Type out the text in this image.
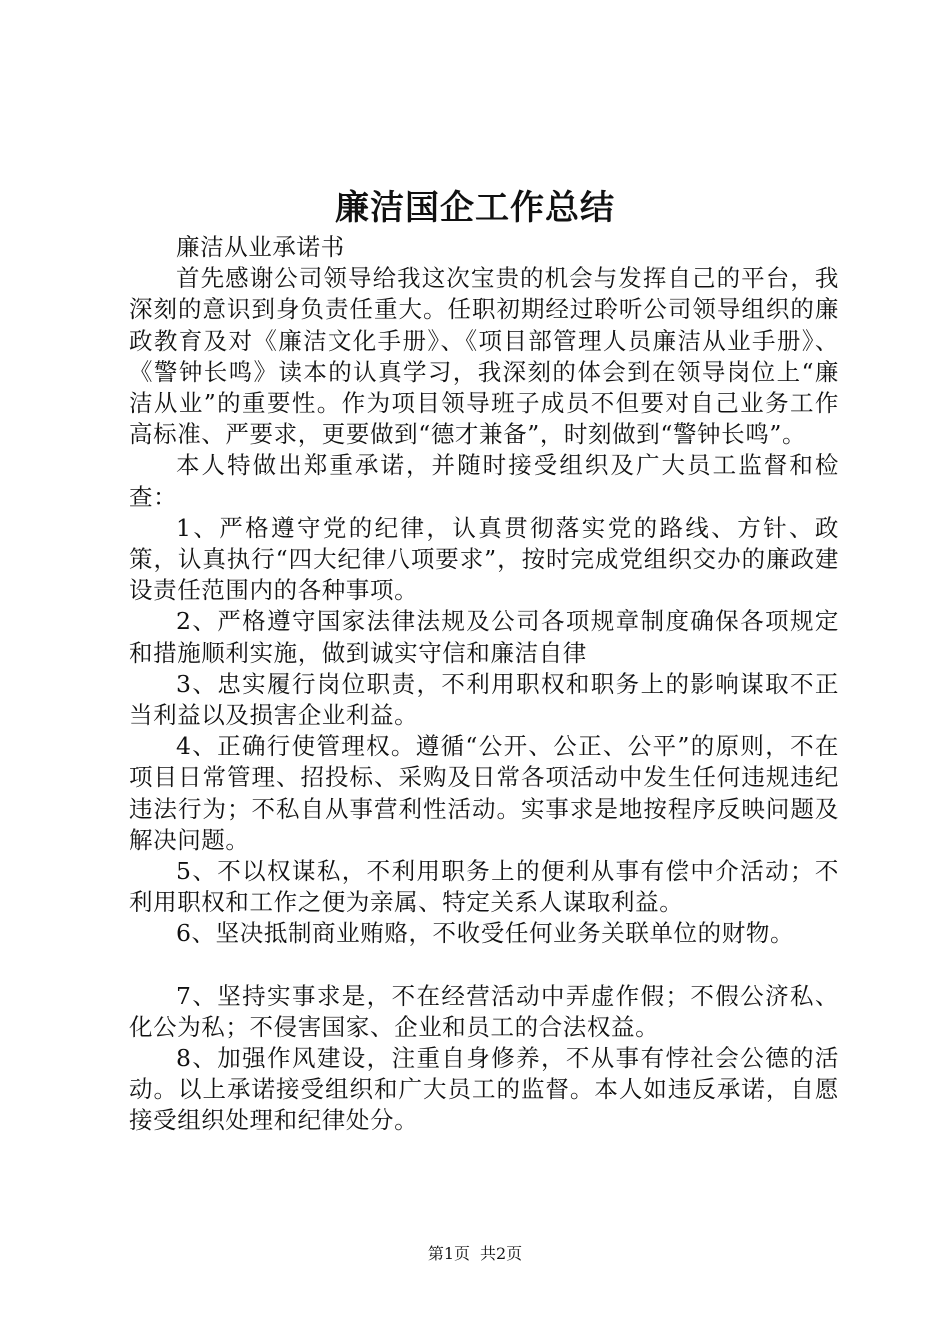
廉洁国企工作总结

廉洁从业承诺书

首先感谢公司领导给我这次宝贵的机会与发挥自己的平台，我深刻的意识到身负责任重大。任职初期经过聆听公司领导组织的廉政教育及对《廉洁文化手册》、《项目部管理人员廉洁从业手册》、《警钟长鸣》读本的认真学习，我深刻的体会到在领导岗位上“廉洁从业”的重要性。作为项目领导班子成员不但要对自己业务工作高标准、严要求，更要做到“德才兼备”，时刻做到“警钟长鸣”。

本人特做出郑重承诺，并随时接受组织及广大员工监督和检查：

1、严格遵守党的纪律，认真贯彻落实党的路线、方针、政策，认真执行“四大纪律八项要求”，按时完成党组织交办的廉政建设责任范围内的各种事项。

2、严格遵守国家法律法规及公司各项规章制度确保各项规定和措施顺利实施，做到诚实守信和廉洁自律

3、忠实履行岗位职责，不利用职权和职务上的影响谋取不正当利益以及损害企业利益。

4、正确行使管理权。遵循“公开、公正、公平”的原则，不在项目日常管理、招投标、采购及日常各项活动中发生任何违规违纪违法行为；不私自从事营利性活动。实事求是地按程序反映问题及解决问题。

5、不以权谋私，不利用职务上的便利从事有偿中介活动；不利用职权和工作之便为亲属、特定关系人谋取利益。

6、坚决抵制商业贿赂，不收受任何业务关联单位的财物。

7、坚持实事求是，不在经营活动中弄虚作假；不假公济私、化公为私；不侵害国家、企业和员工的合法权益。

8、加强作风建设，注重自身修养，不从事有悖社会公德的活动。以上承诺接受组织和广大员工的监督。本人如违反承诺，自愿接受组织处理和纪律处分。

第1页 共2页
